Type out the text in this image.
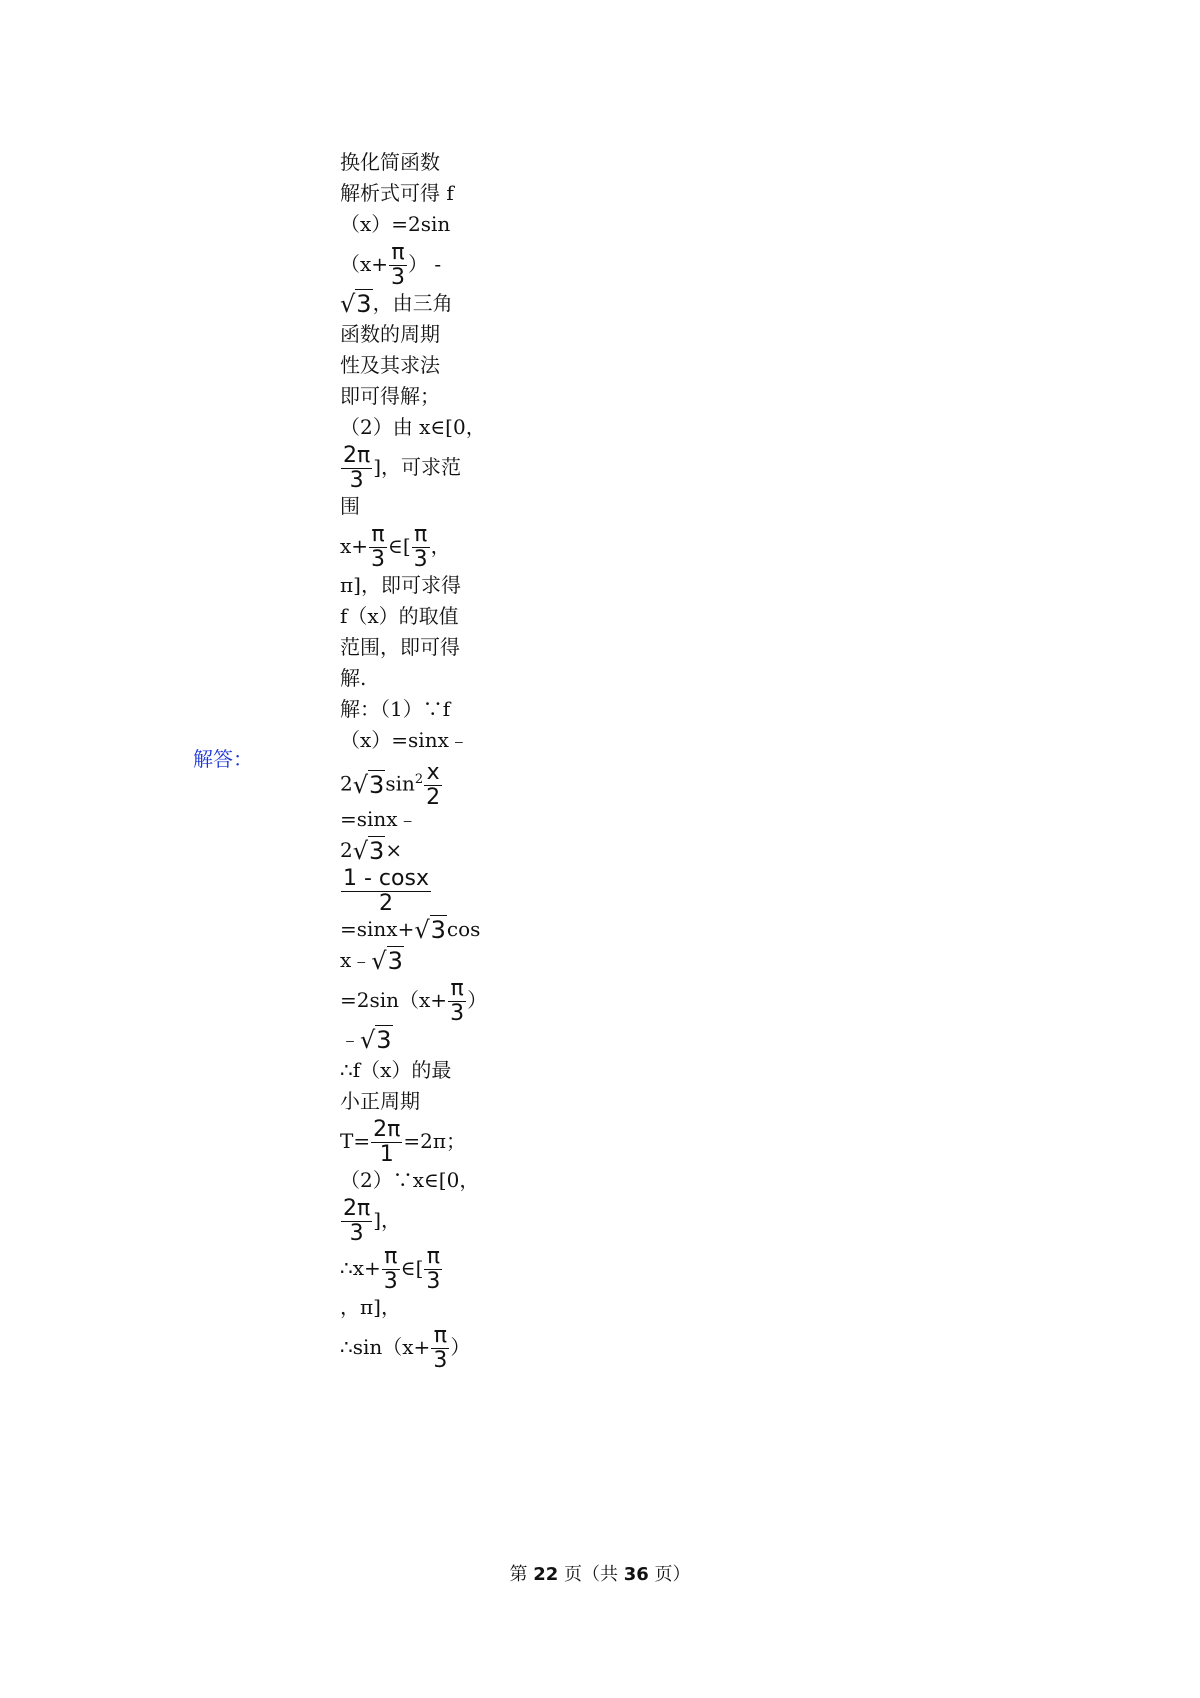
解答：
换化简函数
解析式可得 f
（x）=2sin
（$x+ \frac{\pi}{3}$ ） -
√3，由三角
函数的周期
性及其求法
即可得解；
（2）由 x∈[0，
$\frac{2\pi}{3}$ ]，可求范
围
$x+ \frac{\pi}{3}$ ∈[ $\frac{\pi}{3}$ ，
π]，即可求得
f（x）的取值
范围，即可得
解.
解：（1）∵f
（x）=sinx﹣
$2√3\sin^2 \frac{x}{2}$
=sinx﹣
2√3×
$\frac{1 - \cos x}{2}$
=sinx+√3cos
x﹣√3
$=2\sin(x+ \frac{\pi}{3}$ ）
﹣√3
∴f（x）的最
小正周期
$T= \frac{2\pi}{1} =2\pi$；
（2）∵x∈[0，
$\frac{2\pi}{3}$ ]，
∴x+ $\frac{\pi}{3}$ ∈[ $\frac{\pi}{3}$
，π]，
∴sin（x+ $\frac{\pi}{3}$ ）
第 22 页（共 36 页）
